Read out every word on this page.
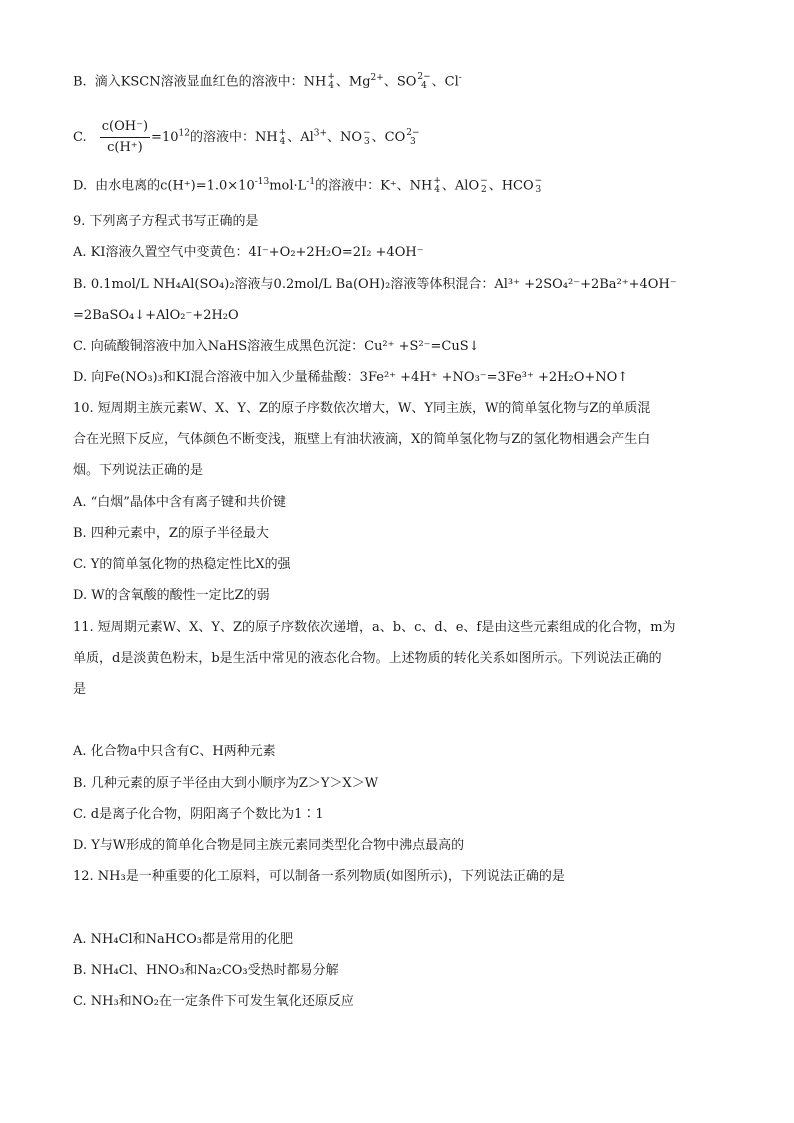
B. 滴入KSCN溶液显血红色的溶液中：NH+
4 、$Mg^{2+}$、SO2−
4 、Cl-
C. $\frac{c(OH^-)}{c(H^+)} =10^{12}$的溶液中：NH+
4 、$Al^{3+}$、NO−
3 、CO2−
3
D. 由水电离的$c(H^+)=1.0\times 10^{-13}mol\cdot L^{-1}$的溶液中：K⁺、NH+
4 、AlO−
2 、HCO−
3
9. 下列离子方程式书写正确的是
A. KI溶液久置空气中变黄色：4I⁻+O₂+2H₂O=2I₂ +4OH⁻
B. 0.1mol/L NH₄Al(SO₄)₂溶液与0.2mol/L Ba(OH)₂溶液等体积混合：Al³⁺ +2SO₄²⁻+2Ba²⁺+4OH⁻
=2BaSO₄↓+AlO₂⁻+2H₂O
C. 向硫酸铜溶液中加入NaHS溶液生成黑色沉淀：Cu²⁺ +S²⁻=CuS↓
D. 向Fe(NO₃)₃和KI混合溶液中加入少量稀盐酸：3Fe²⁺ +4H⁺ +NO₃⁻=3Fe³⁺ +2H₂O+NO↑
10. 短周期主族元素W、X、Y、Z的原子序数依次增大，W、Y同主族，W的简单氢化物与Z的单质混
合在光照下反应，气体颜色不断变浅，瓶壁上有油状液滴，X的简单氢化物与Z的氢化物相遇会产生白
烟。下列说法正确的是
A. “白烟”晶体中含有离子键和共价键
B. 四种元素中，Z的原子半径最大
C. Y的简单氢化物的热稳定性比X的强
D. W的含氧酸的酸性一定比Z的弱
11. 短周期元素W、X、Y、Z的原子序数依次递增，a、b、c、d、e、f是由这些元素组成的化合物，m为
单质，d是淡黄色粉末，b是生活中常见的液态化合物。上述物质的转化关系如图所示。下列说法正确的
是
A. 化合物a中只含有C、H两种元素
B. 几种元素的原子半径由大到小顺序为Z＞Y＞X＞W
C. d是离子化合物，阴阳离子个数比为1∶1
D. Y与W形成的简单化合物是同主族元素同类型化合物中沸点最高的
12. NH₃是一种重要的化工原料，可以制备一系列物质(如图所示)，下列说法正确的是
A. NH₄Cl和NaHCO₃都是常用的化肥
B. NH₄Cl、HNO₃和Na₂CO₃受热时都易分解
C. NH₃和NO₂在一定条件下可发生氧化还原反应
